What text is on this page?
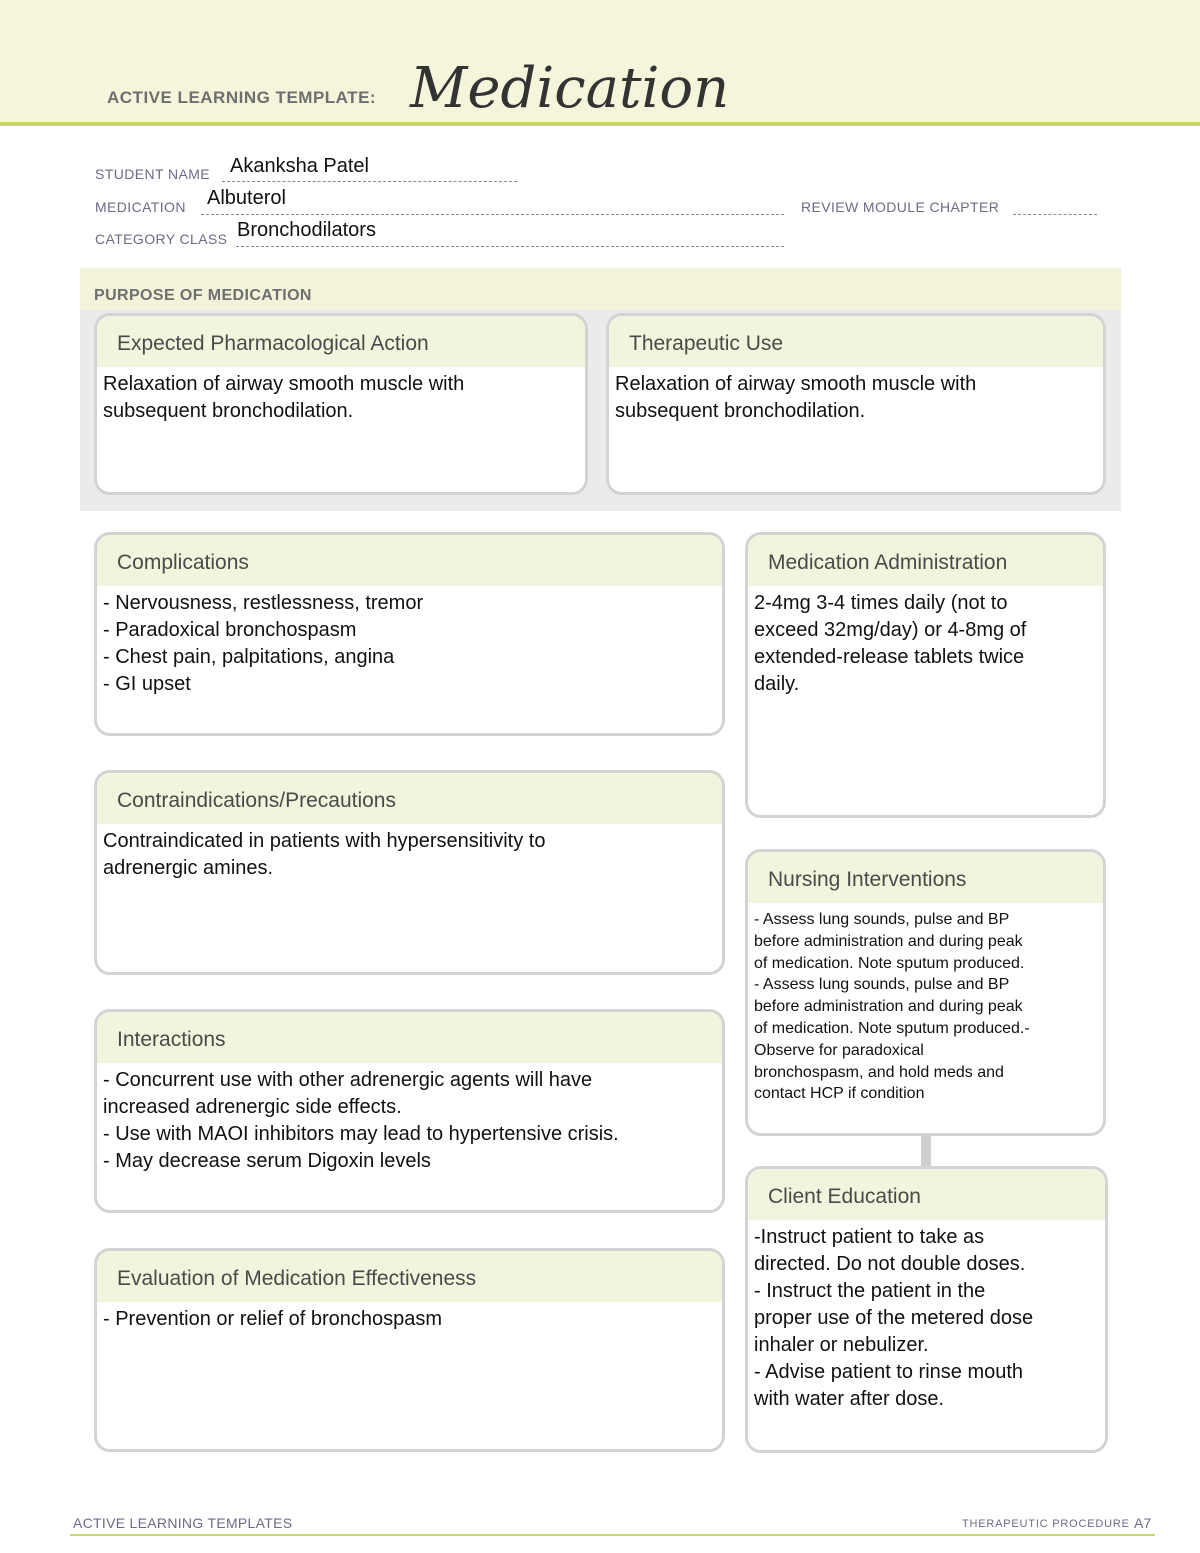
ACTIVE LEARNING TEMPLATE: Medication
STUDENT NAME Akanksha Patel
MEDICATION Albuterol	REVIEW MODULE CHAPTER
CATEGORY CLASS Bronchodilators
PURPOSE OF MEDICATION
Expected Pharmacological Action
Relaxation of airway smooth muscle with
subsequent bronchodilation.
Therapeutic Use
Relaxation of airway smooth muscle with
subsequent bronchodilation.
Complications
- Nervousness, restlessness, tremor
- Paradoxical bronchospasm
- Chest pain, palpitations, angina
- GI upset
Contraindications/Precautions
Contraindicated in patients with hypersensitivity to
adrenergic amines.
Interactions
- Concurrent use with other adrenergic agents will have
increased adrenergic side effects.
- Use with MAOI inhibitors may lead to hypertensive crisis.
- May decrease serum Digoxin levels
Evaluation of Medication Effectiveness
- Prevention or relief of bronchospasm
Medication Administration
2-4mg 3-4 times daily (not to
exceed 32mg/day) or 4-8mg of
extended-release tablets twice
daily.
Nursing Interventions
- Assess lung sounds, pulse and BP
before administration and during peak
of medication. Note sputum produced.
- Assess lung sounds, pulse and BP
before administration and during peak
of medication. Note sputum produced.-
Observe for paradoxical
bronchospasm, and hold meds and
contact HCP if condition
Client Education
-Instruct patient to take as
directed. Do not double doses.
- Instruct the patient in the
proper use of the metered dose
inhaler or nebulizer.
- Advise patient to rinse mouth
with water after dose.
ACTIVE LEARNING TEMPLATES	THERAPEUTIC PROCEDURE A7
